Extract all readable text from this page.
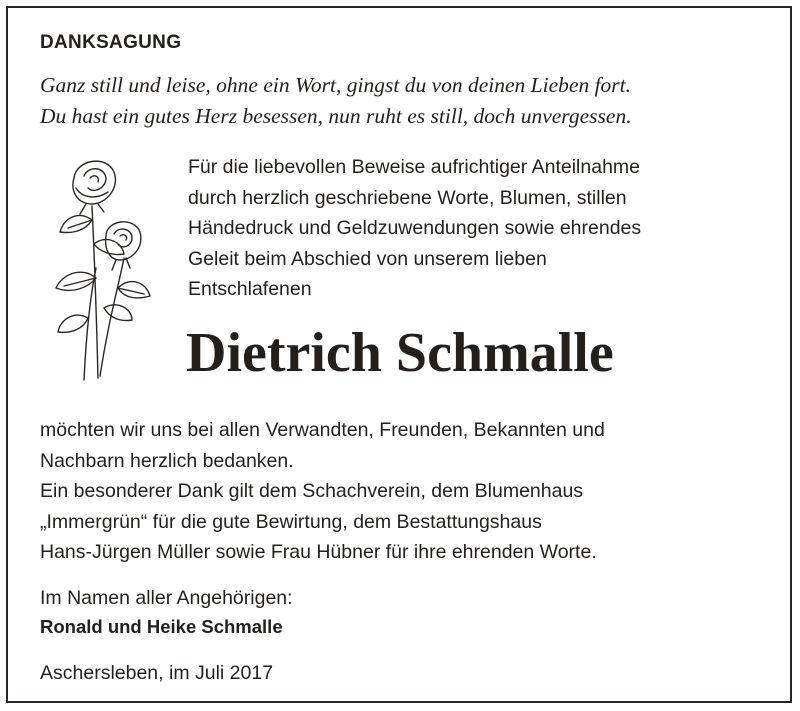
DANKSAGUNG

Ganz still und leise, ohne ein Wort, gingst du von deinen Lieben fort.
Du hast ein gutes Herz besessen, nun ruht es still, doch unvergessen.

Für die liebevollen Beweise aufrichtiger Anteilnahme
durch herzlich geschriebene Worte, Blumen, stillen
Händedruck und Geldzuwendungen sowie ehrendes
Geleit beim Abschied von unserem lieben
Entschlafenen

Dietrich Schmalle

möchten wir uns bei allen Verwandten, Freunden, Bekannten und
Nachbarn herzlich bedanken.
Ein besonderer Dank gilt dem Schachverein, dem Blumenhaus
„Immergrün“ für die gute Bewirtung, dem Bestattungshaus
Hans-Jürgen Müller sowie Frau Hübner für ihre ehrenden Worte.

Im Namen aller Angehörigen:

Ronald und Heike Schmalle

Aschersleben, im Juli 2017
